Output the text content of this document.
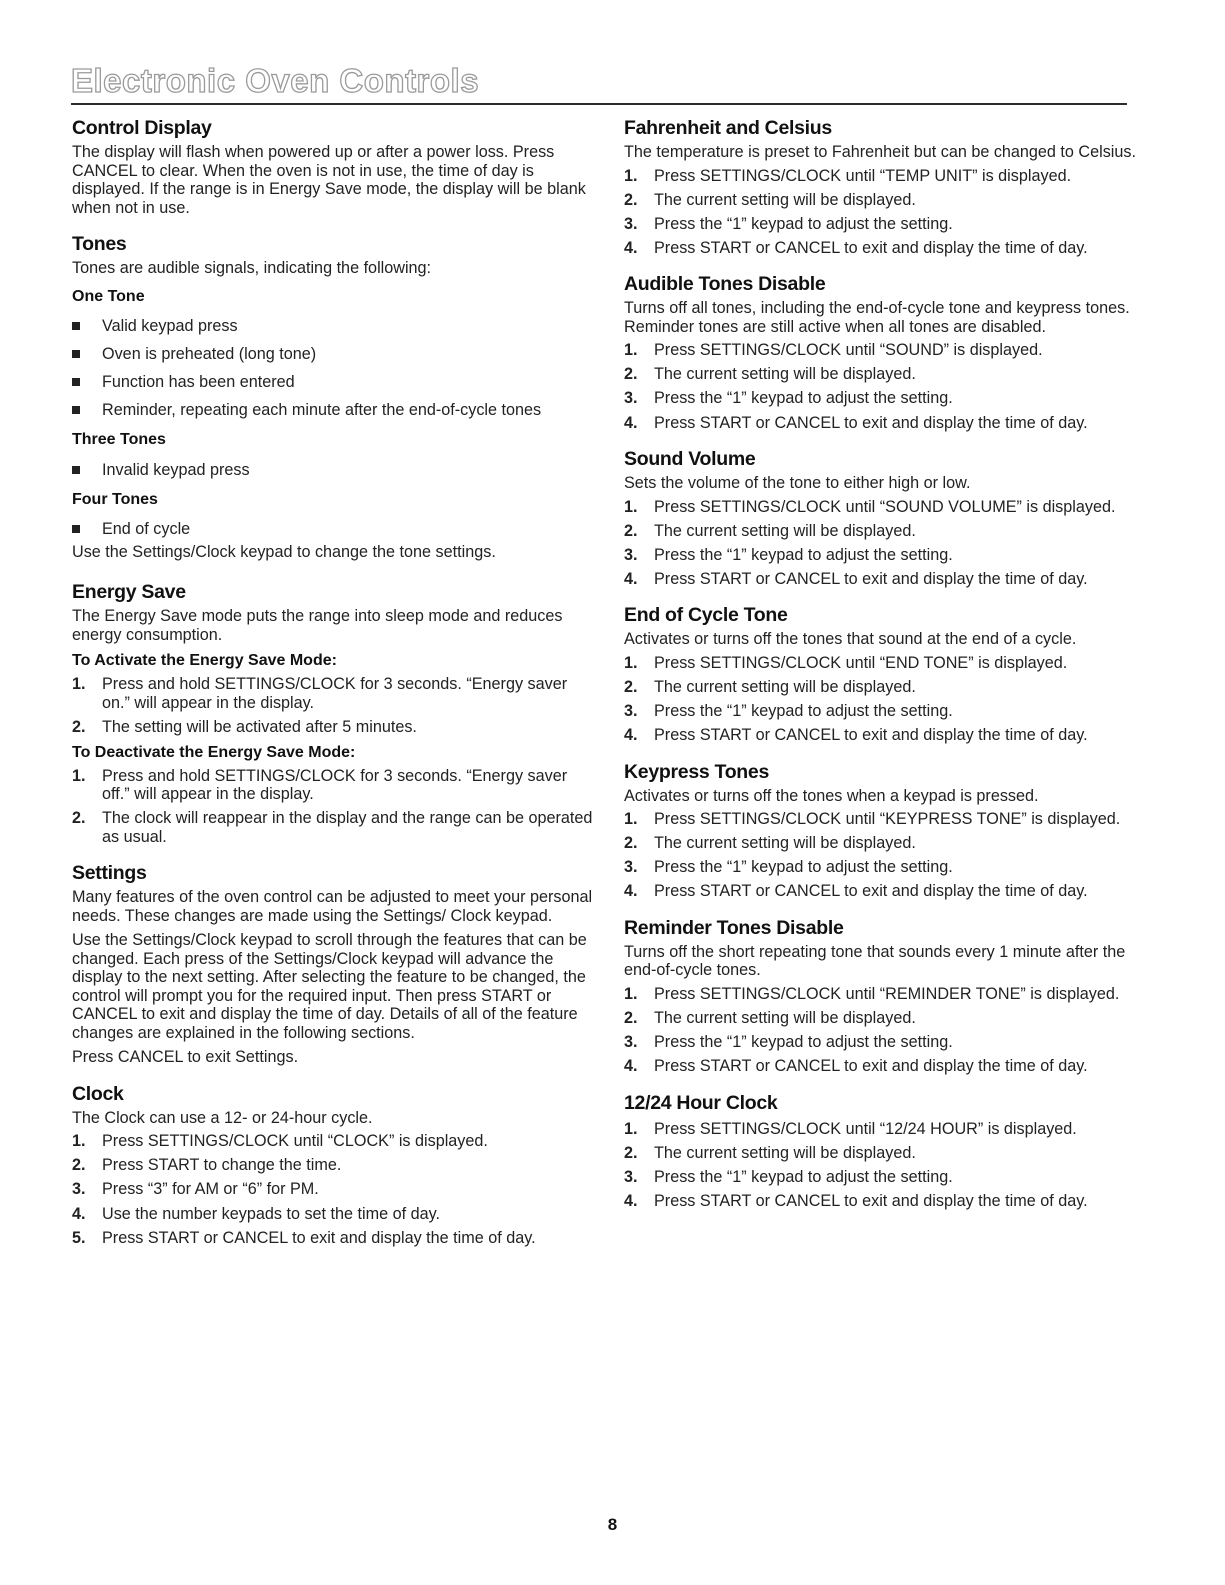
Electronic Oven Controls
Control Display

The display will flash when powered up or after a power loss. Press CANCEL to clear. When the oven is not in use, the time of day is displayed. If the range is in Energy Save mode, the display will be blank when not in use.

Tones

Tones are audible signals, indicating the following:

One Tone
Valid keypad press
Oven is preheated (long tone)
Function has been entered
Reminder, repeating each minute after the end-of-cycle tones
Three Tones
Invalid keypad press
Four Tones
End of cycle

Use the Settings/Clock keypad to change the tone settings.

Energy Save

The Energy Save mode puts the range into sleep mode and reduces energy consumption.

To Activate the Energy Save Mode:
1. Press and hold SETTINGS/CLOCK for 3 seconds. “Energy saver on.” will appear in the display.
2. The setting will be activated after 5 minutes.
To Deactivate the Energy Save Mode:
1. Press and hold SETTINGS/CLOCK for 3 seconds. “Energy saver off.” will appear in the display.
2. The clock will reappear in the display and the range can be operated as usual.
Settings

Many features of the oven control can be adjusted to meet your personal needs. These changes are made using the Settings/ Clock keypad.

Use the Settings/Clock keypad to scroll through the features that can be changed. Each press of the Settings/Clock keypad will advance the display to the next setting. After selecting the feature to be changed, the control will prompt you for the required input. Then press START or CANCEL to exit and display the time of day. Details of all of the feature changes are explained in the following sections.

Press CANCEL to exit Settings.

Clock

The Clock can use a 12- or 24-hour cycle.

1. Press SETTINGS/CLOCK until “CLOCK” is displayed.
2. Press START to change the time.
3. Press “3” for AM or “6” for PM.
4. Use the number keypads to set the time of day.
5. Press START or CANCEL to exit and display the time of day.
Fahrenheit and Celsius

The temperature is preset to Fahrenheit but can be changed to Celsius.

1. Press SETTINGS/CLOCK until “TEMP UNIT” is displayed.
2. The current setting will be displayed.
3. Press the “1” keypad to adjust the setting.
4. Press START or CANCEL to exit and display the time of day.
Audible Tones Disable

Turns off all tones, including the end-of-cycle tone and keypress tones. Reminder tones are still active when all tones are disabled.

1. Press SETTINGS/CLOCK until “SOUND” is displayed.
2. The current setting will be displayed.
3. Press the “1” keypad to adjust the setting.
4. Press START or CANCEL to exit and display the time of day.
Sound Volume

Sets the volume of the tone to either high or low.

1. Press SETTINGS/CLOCK until “SOUND VOLUME” is displayed.
2. The current setting will be displayed.
3. Press the “1” keypad to adjust the setting.
4. Press START or CANCEL to exit and display the time of day.
End of Cycle Tone

Activates or turns off the tones that sound at the end of a cycle.

1. Press SETTINGS/CLOCK until “END TONE” is displayed.
2. The current setting will be displayed.
3. Press the “1” keypad to adjust the setting.
4. Press START or CANCEL to exit and display the time of day.
Keypress Tones

Activates or turns off the tones when a keypad is pressed.

1. Press SETTINGS/CLOCK until “KEYPRESS TONE” is displayed.
2. The current setting will be displayed.
3. Press the “1” keypad to adjust the setting.
4. Press START or CANCEL to exit and display the time of day.
Reminder Tones Disable

Turns off the short repeating tone that sounds every 1 minute after the end-of-cycle tones.

1. Press SETTINGS/CLOCK until “REMINDER TONE” is displayed.
2. The current setting will be displayed.
3. Press the “1” keypad to adjust the setting.
4. Press START or CANCEL to exit and display the time of day.
12/24 Hour Clock
1. Press SETTINGS/CLOCK until “12/24 HOUR” is displayed.
2. The current setting will be displayed.
3. Press the “1” keypad to adjust the setting.
4. Press START or CANCEL to exit and display the time of day.
8
